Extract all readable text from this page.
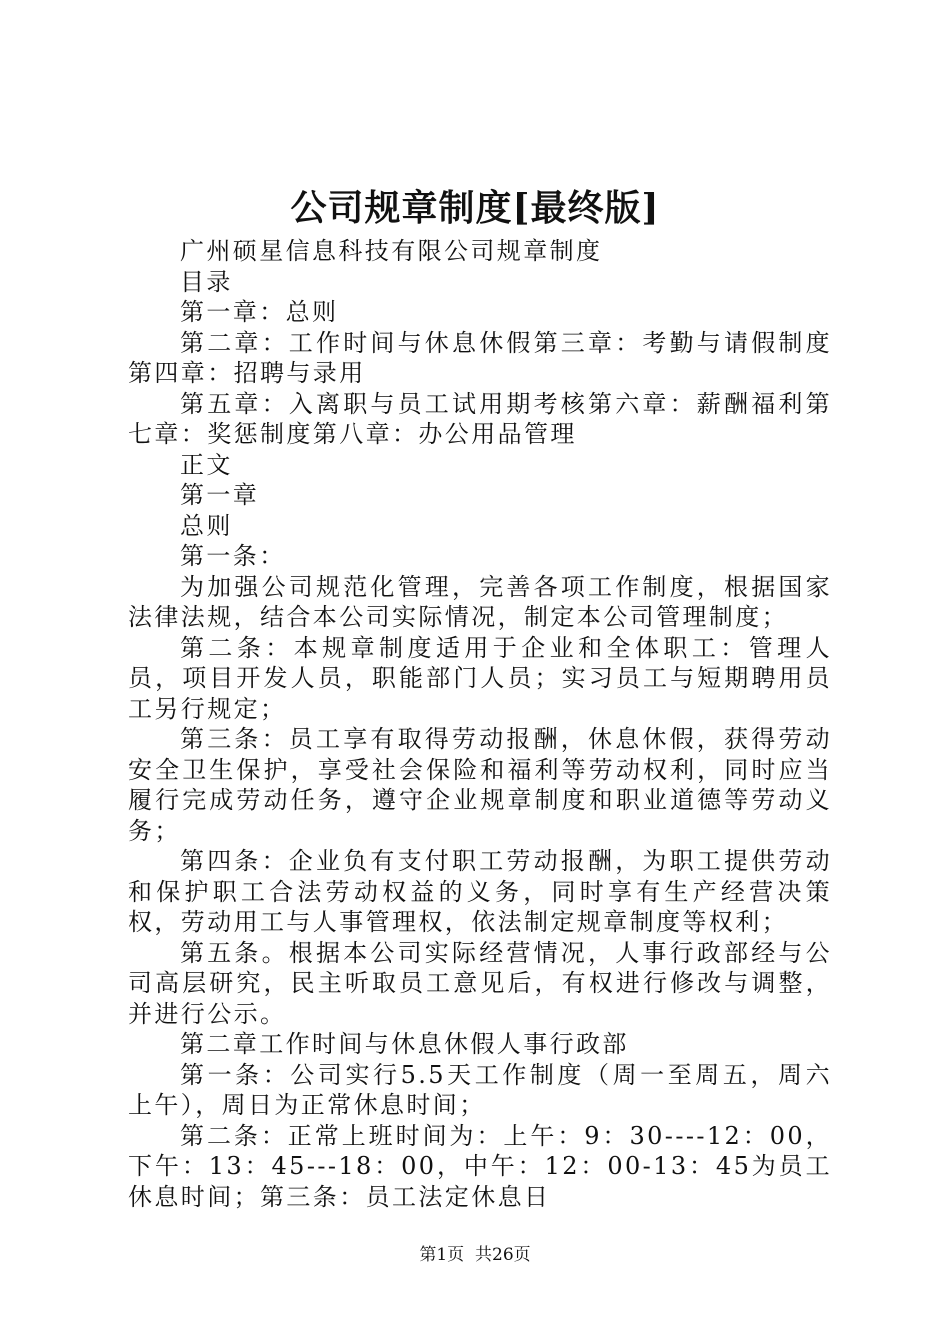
公司规章制度[最终版]

广州硕星信息科技有限公司规章制度

目录

第一章：总则

第二章：工作时间与休息休假第三章：考勤与请假制度第四章：招聘与录用

第五章：入离职与员工试用期考核第六章：薪酬福利第七章：奖惩制度第八章：办公用品管理

正文

第一章

总则

第一条：

为加强公司规范化管理，完善各项工作制度，根据国家法律法规，结合本公司实际情况，制定本公司管理制度；

第二条：本规章制度适用于企业和全体职工：管理人员，项目开发人员，职能部门人员；实习员工与短期聘用员工另行规定；

第三条：员工享有取得劳动报酬，休息休假，获得劳动安全卫生保护，享受社会保险和福利等劳动权利，同时应当履行完成劳动任务，遵守企业规章制度和职业道德等劳动义务；

第四条：企业负有支付职工劳动报酬，为职工提供劳动和保护职工合法劳动权益的义务，同时享有生产经营决策权，劳动用工与人事管理权，依法制定规章制度等权利；

第五条。根据本公司实际经营情况，人事行政部经与公司高层研究，民主听取员工意见后，有权进行修改与调整，并进行公示。

第二章工作时间与休息休假人事行政部

第一条：公司实行5.5天工作制度（周一至周五，周六上午），周日为正常休息时间；

第二条：正常上班时间为：上午：9：30----12：00，下午：13：45---18：00，中午：12：00-13：45为员工休息时间；第三条：员工法定休息日

第1页 共26页
